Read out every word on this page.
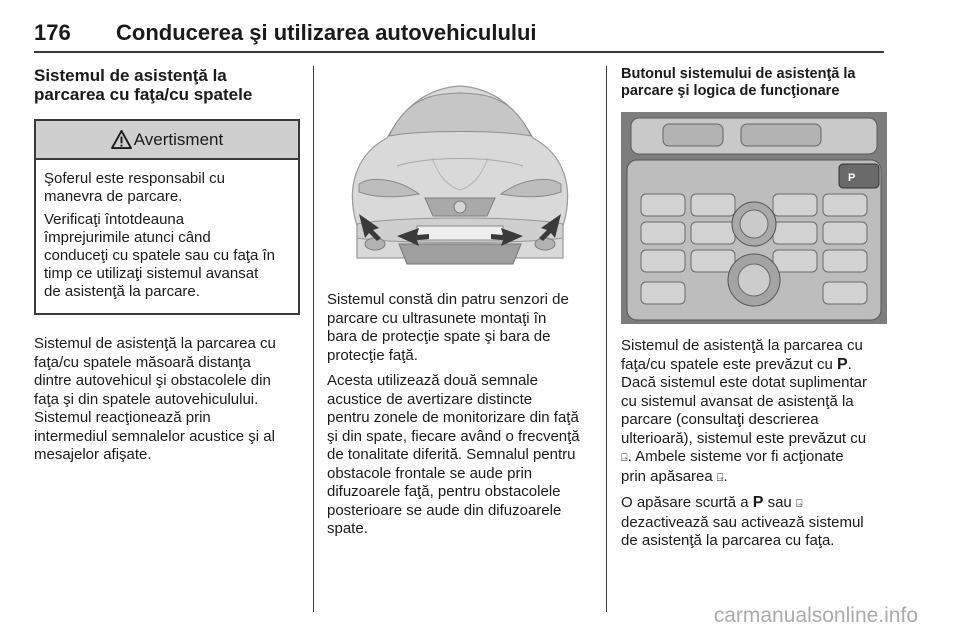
176 Conducerea şi utilizarea autovehiculului
Sistemul de asistenţă la parcarea cu faţa/cu spatele
Avertisment

Şoferul este responsabil cu
manevra de parcare.

Verificaţi întotdeauna
împrejurimile atunci când
conduceţi cu spatele sau cu faţa în
timp ce utilizaţi sistemul avansat
de asistenţă la parcare.

Sistemul de asistenţă la parcarea cu
faţa/cu spatele măsoară distanţa
dintre autovehicul şi obstacolele din
faţa şi din spatele autovehiculului.
Sistemul reacţionează prin
intermediul semnalelor acustice şi al
mesajelor afişate.

Sistemul constă din patru senzori de
parcare cu ultrasunete montaţi în
bara de protecţie spate şi bara de
protecţie faţă.

Acesta utilizează două semnale
acustice de avertizare distincte
pentru zonele de monitorizare din faţă
şi din spate, fiecare având o frecvenţă
de tonalitate diferită. Semnalul pentru
obstacole frontale se aude prin
difuzoarele faţă, pentru obstacolele
posterioare se aude din difuzoarele
spate.

Butonul sistemului de asistenţă la
parcare şi logica de funcţionare
P

Sistemul de asistenţă la parcarea cu
faţa/cu spatele este prevăzut cu P.
Dacă sistemul este dotat suplimentar
cu sistemul avansat de asistenţă la
parcare (consultaţi descrierea
ulterioară), sistemul este prevăzut cu
⍈. Ambele sisteme vor fi acţionate
prin apăsarea ⍈.

O apăsare scurtă a P sau ⍈
dezactivează sau activează sistemul
de asistenţă la parcarea cu faţa.

carmanualsonline.info
